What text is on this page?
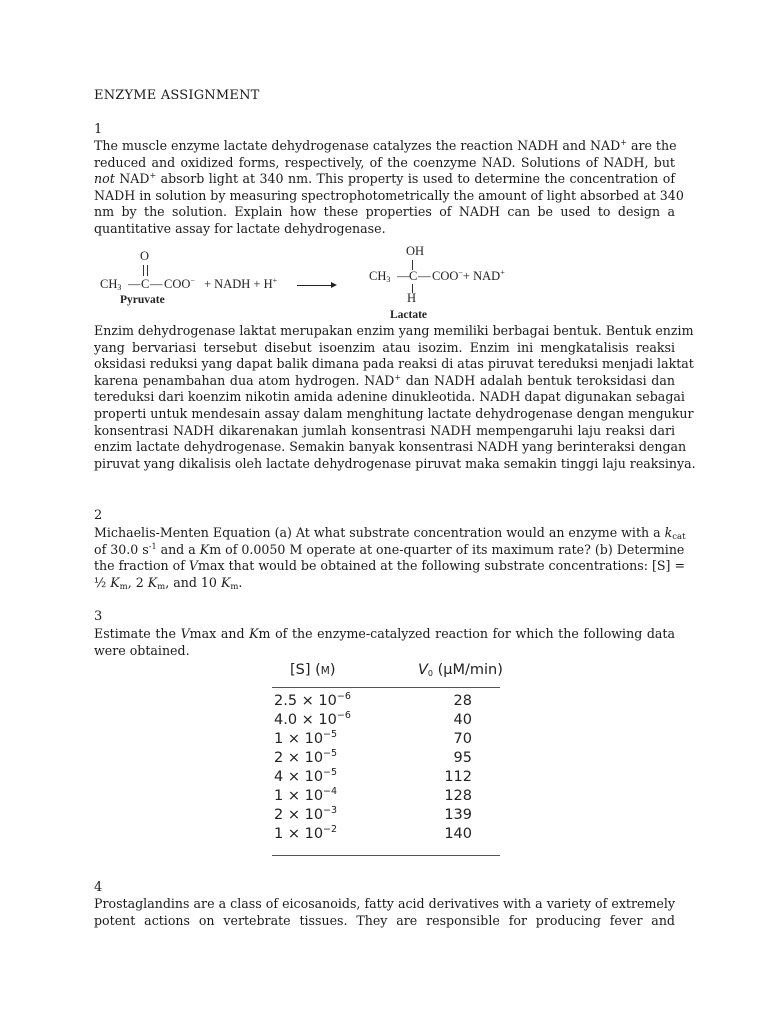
ENZYME ASSIGNMENT
1

The muscle enzyme lactate dehydrogenase catalyzes the reaction NADH and NAD+ are the
reduced and oxidized forms, respectively, of the coenzyme NAD. Solutions of NADH, but
not NAD+ absorb light at 340 nm. This property is used to determine the concentration of
NADH in solution by measuring spectrophotometrically the amount of light absorbed at 340
nm by the solution. Explain how these properties of NADH can be used to design a
quantitative assay for lactate dehydrogenase.

O
$CH_3$ — C — COO−
Pyruvate
+ NADH + H+
OH
$CH_3$ — C — COO−+ NAD+
H
Lactate

Enzim dehydrogenase laktat merupakan enzim yang memiliki berbagai bentuk. Bentuk enzim
yang bervariasi tersebut disebut isoenzim atau isozim. Enzim ini mengkatalisis reaksi
oksidasi reduksi yang dapat balik dimana pada reaksi di atas piruvat tereduksi menjadi laktat
karena penambahan dua atom hydrogen. NAD+ dan NADH adalah bentuk teroksidasi dan
tereduksi dari koenzim nikotin amida adenine dinukleotida. NADH dapat digunakan sebagai
properti untuk mendesain assay dalam menghitung lactate dehydrogenase dengan mengukur
konsentrasi NADH dikarenakan jumlah konsentrasi NADH mempengaruhi laju reaksi dari
enzim lactate dehydrogenase. Semakin banyak konsentrasi NADH yang berinteraksi dengan
piruvat yang dikalisis oleh lactate dehydrogenase piruvat maka semakin tinggi laju reaksinya.

2

Michaelis-Menten Equation (a) At what substrate concentration would an enzyme with a $k_{cat}$
of 30.0 $s^{-1}$ and a Km of 0.0050 M operate at one-quarter of its maximum rate? (b) Determine
the fraction of Vmax that would be obtained at the following substrate concentrations: [S] =
½ $K_m$, 2 $K_m$, and 10 $K_m$.

3

Estimate the Vmax and Km of the enzyme-catalyzed reaction for which the following data
were obtained.

[S] (M)	$V_0$ (μM/min)
$2.5 \times 10^{-6}$	28
$4.0 \times 10^{-6}$	40
$1 \times 10^{-5}$	70
$2 \times 10^{-5}$	95
$4 \times 10^{-5}$	112
$1 \times 10^{-4}$	128
$2 \times 10^{-3}$	139
$1 \times 10^{-2}$	140
4

Prostaglandins are a class of eicosanoids, fatty acid derivatives with a variety of extremely
potent actions on vertebrate tissues. They are responsible for producing fever and
